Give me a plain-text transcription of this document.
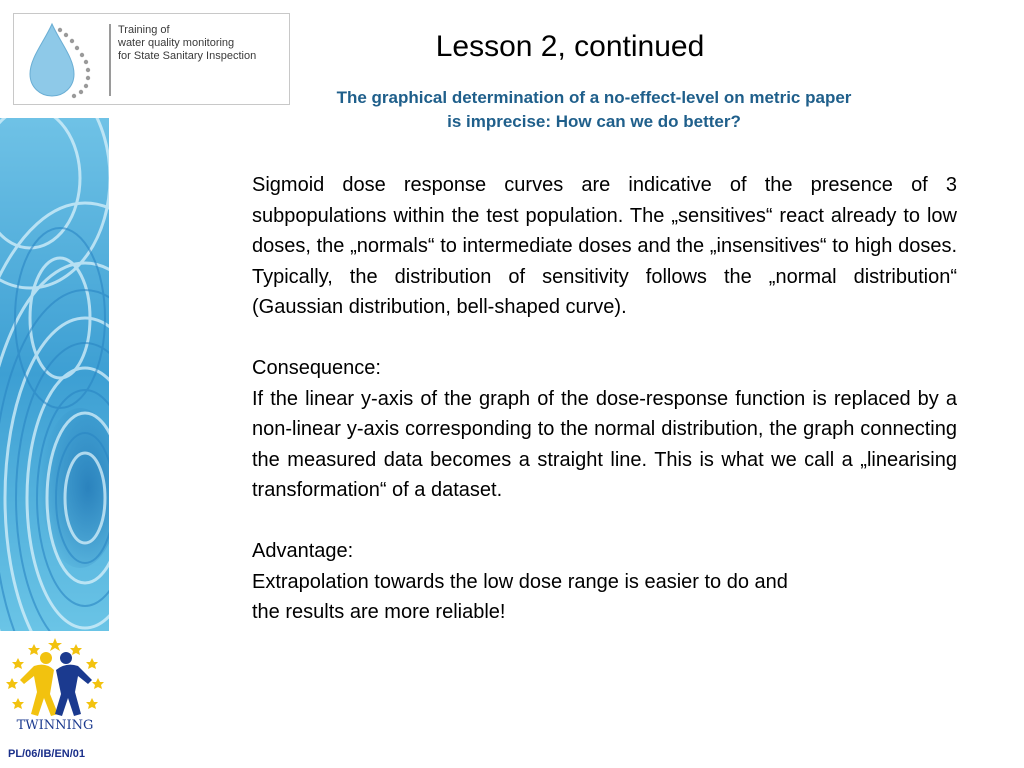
Training of
water quality monitoring
for State Sanitary Inspection
TWINNING
PL/06/IB/EN/01
Lesson 2, continued
The graphical determination of a no-effect-level on metric paper
is imprecise: How can we do better?

Sigmoid dose response curves are indicative of the presence of 3 subpopulations within the test population. The „sensitives“ react already to low doses, the „normals“ to intermediate doses and the „insensitives“ to high doses. Typically, the distribution of sensitivity follows the „normal distribution“ (Gaussian distribution, bell-shaped curve).

Consequence:

If the linear y-axis of the graph of the dose-response function is replaced by a non-linear y-axis corresponding to the normal distribution, the graph connecting the measured data becomes a straight line. This is what we call a „linearising transformation“ of a dataset.

Advantage:

Extrapolation towards the low dose range is easier to do and

the results are more reliable!
